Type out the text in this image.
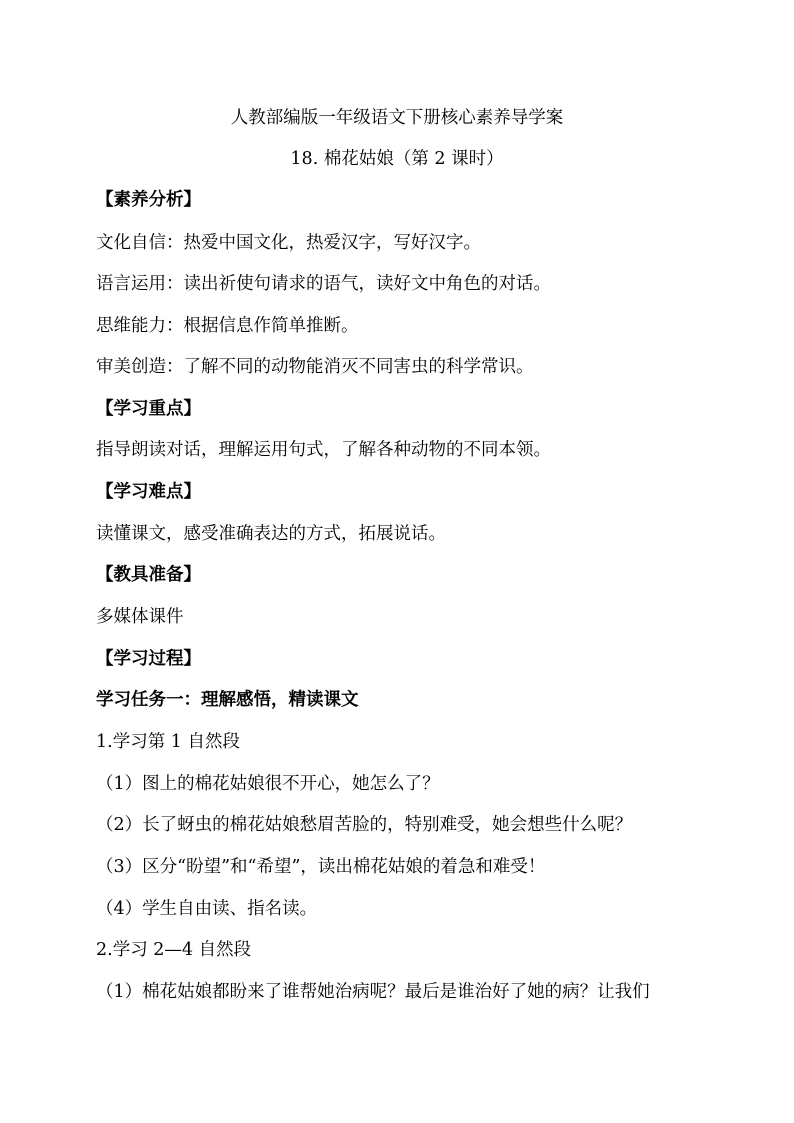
人教部编版一年级语文下册核心素养导学案
18. 棉花姑娘（第 2 课时）
【素养分析】
文化自信：热爱中国文化，热爱汉字，写好汉字。
语言运用：读出祈使句请求的语气，读好文中角色的对话。
思维能力：根据信息作简单推断。
审美创造：了解不同的动物能消灭不同害虫的科学常识。
【学习重点】
指导朗读对话，理解运用句式，了解各种动物的不同本领。
【学习难点】
读懂课文，感受准确表达的方式，拓展说话。
【教具准备】
多媒体课件
【学习过程】
学习任务一：理解感悟，精读课文
1.学习第 1 自然段
（1）图上的棉花姑娘很不开心，她怎么了？
（2）长了蚜虫的棉花姑娘愁眉苦脸的，特别难受，她会想些什么呢？
（3）区分“盼望”和“希望”，读出棉花姑娘的着急和难受！
（4）学生自由读、指名读。
2.学习 2—4 自然段
（1）棉花姑娘都盼来了谁帮她治病呢？最后是谁治好了她的病？让我们
